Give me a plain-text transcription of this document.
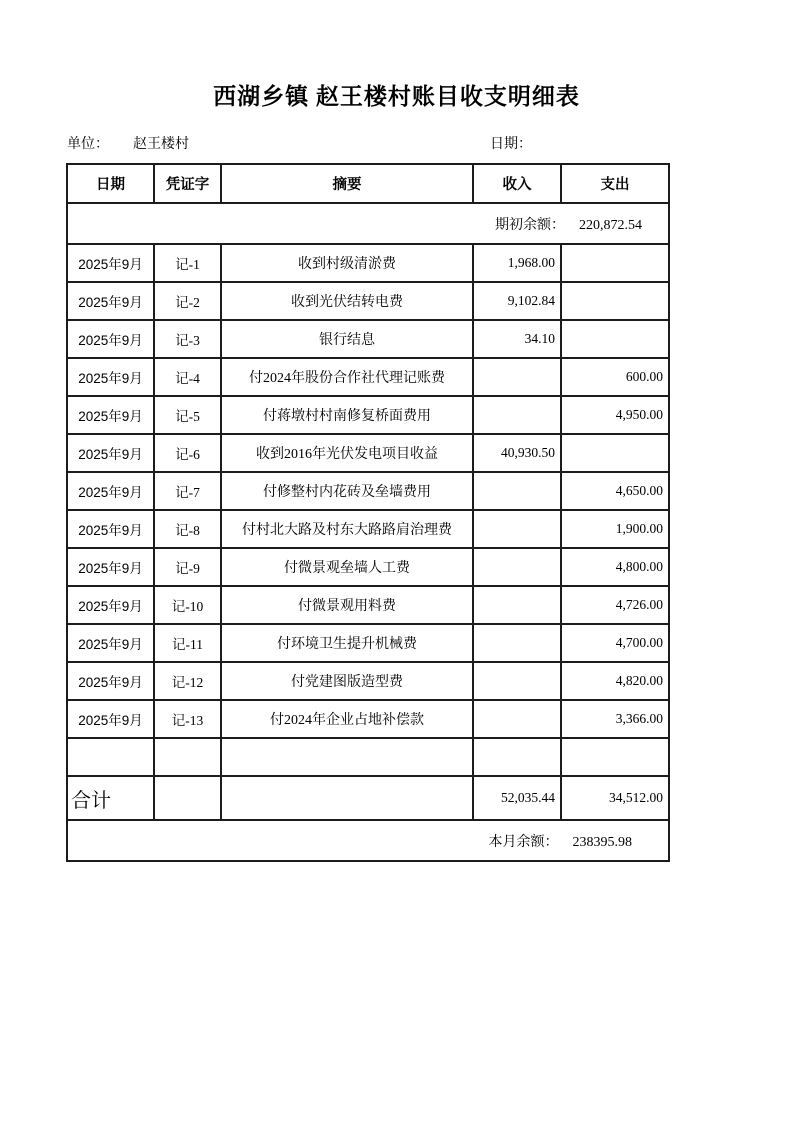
西湖乡镇 赵王楼村账目收支明细表
单位： 赵王楼村	日期：
日期	凭证字	摘要	收入	支出
期初余额： 220,872.54				
2025年9月	记-1	收到村级清淤费	1,968.00	
2025年9月	记-2	收到光伏结转电费	9,102.84	
2025年9月	记-3	银行结息	34.10	
2025年9月	记-4	付2024年股份合作社代理记账费		600.00
2025年9月	记-5	付蒋墩村村南修复桥面费用		4,950.00
2025年9月	记-6	收到2016年光伏发电项目收益	40,930.50	
2025年9月	记-7	付修整村内花砖及垒墙费用		4,650.00
2025年9月	记-8	付村北大路及村东大路路肩治理费		1,900.00
2025年9月	记-9	付微景观垒墙人工费		4,800.00
2025年9月	记-10	付微景观用料费		4,726.00
2025年9月	记-11	付环境卫生提升机械费		4,700.00
2025年9月	记-12	付党建图版造型费		4,820.00
2025年9月	记-13	付2024年企业占地补偿款		3,366.00

合计			52,035.44	34,512.00
本月余额： 238395.98				
